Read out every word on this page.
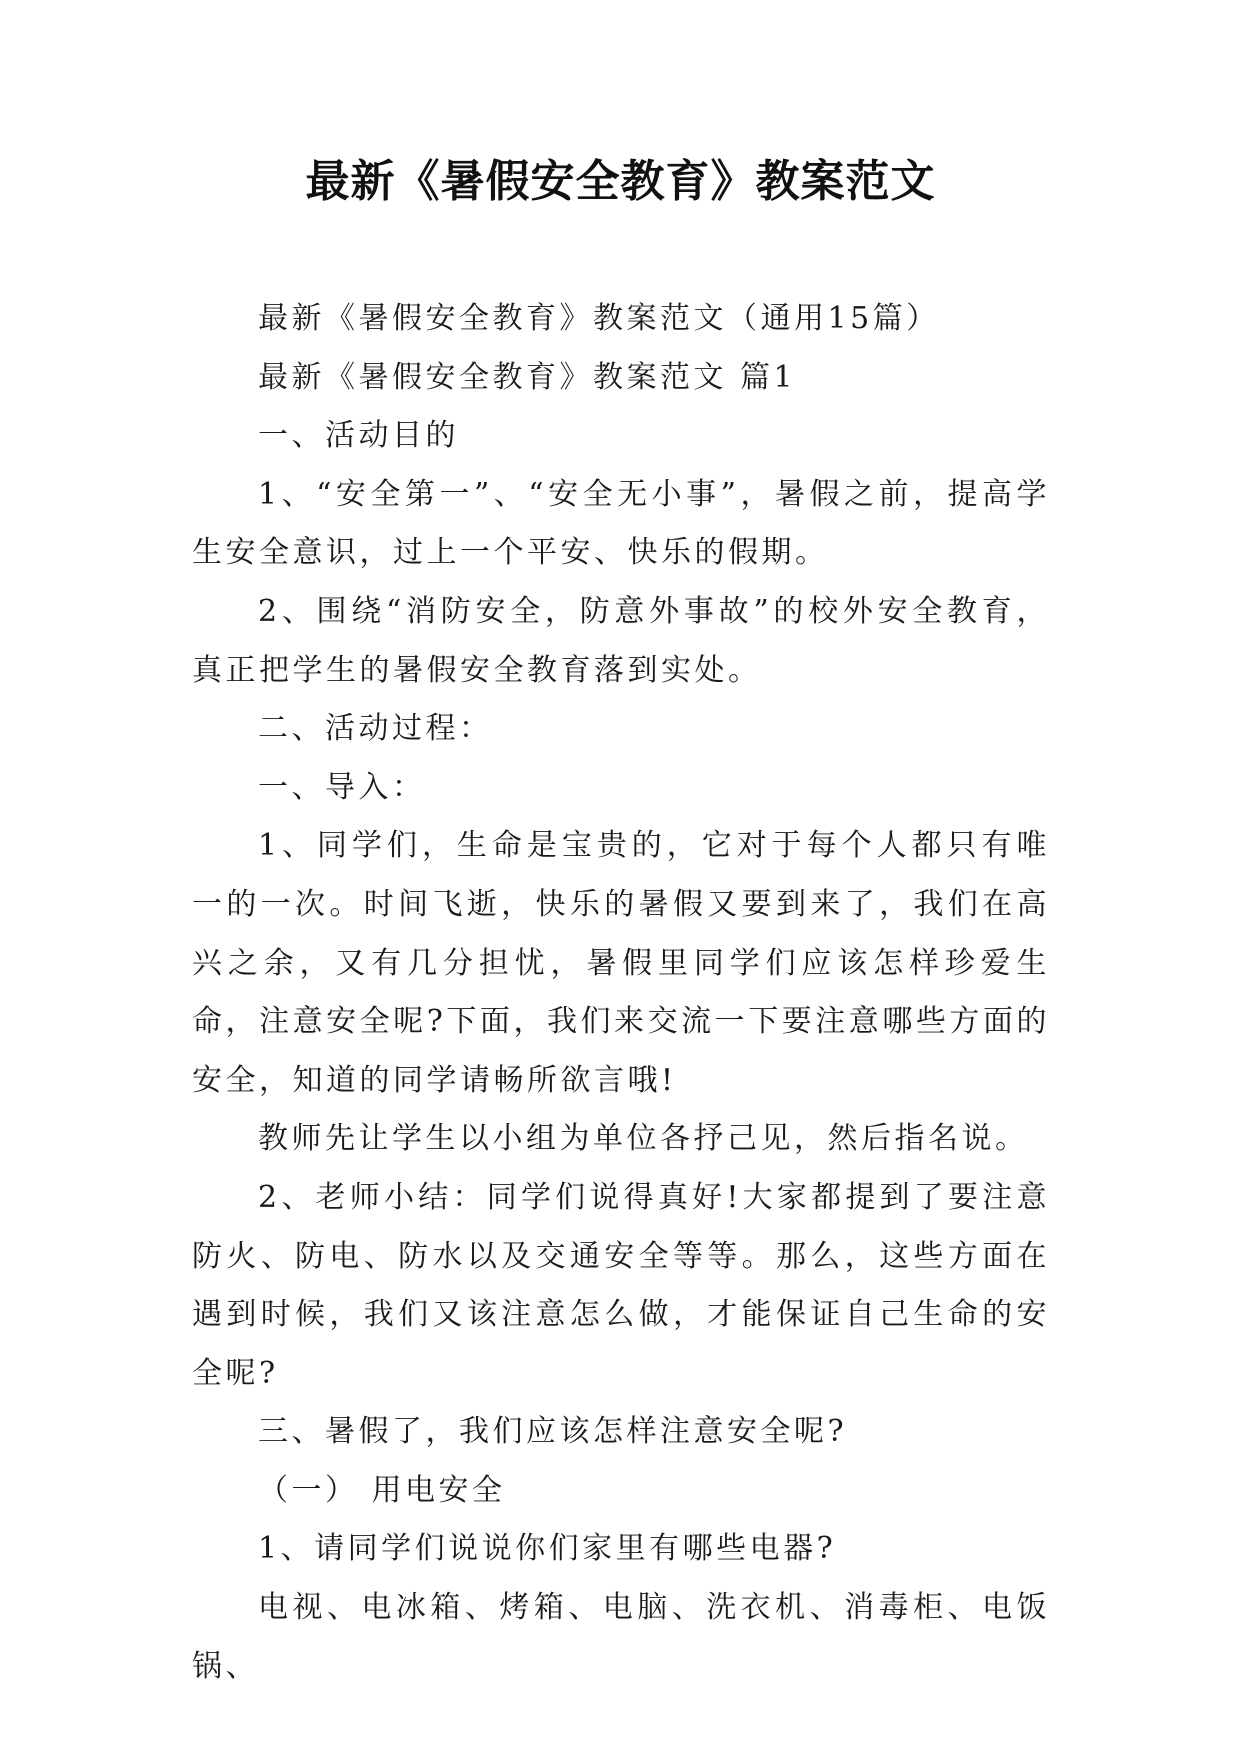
最新《暑假安全教育》教案范文

最新《暑假安全教育》教案范文（通用15篇）

最新《暑假安全教育》教案范文 篇1

一、活动目的

1、“安全第一”、“安全无小事”，暑假之前，提高学生安全意识，过上一个平安、快乐的假期。

2、围绕“消防安全，防意外事故”的校外安全教育，真正把学生的暑假安全教育落到实处。

二、活动过程：

一、导入：

1、同学们，生命是宝贵的，它对于每个人都只有唯一的一次。时间飞逝，快乐的暑假又要到来了，我们在高兴之余，又有几分担忧，暑假里同学们应该怎样珍爱生命，注意安全呢?下面，我们来交流一下要注意哪些方面的安全，知道的同学请畅所欲言哦!

教师先让学生以小组为单位各抒己见，然后指名说。

2、老师小结：同学们说得真好!大家都提到了要注意防火、防电、防水以及交通安全等等。那么，这些方面在遇到时候，我们又该注意怎么做，才能保证自己生命的安全呢?

三、暑假了，我们应该怎样注意安全呢?

（一） 用电安全

1、请同学们说说你们家里有哪些电器?

电视、电冰箱、烤箱、电脑、洗衣机、消毒柜、电饭锅、
